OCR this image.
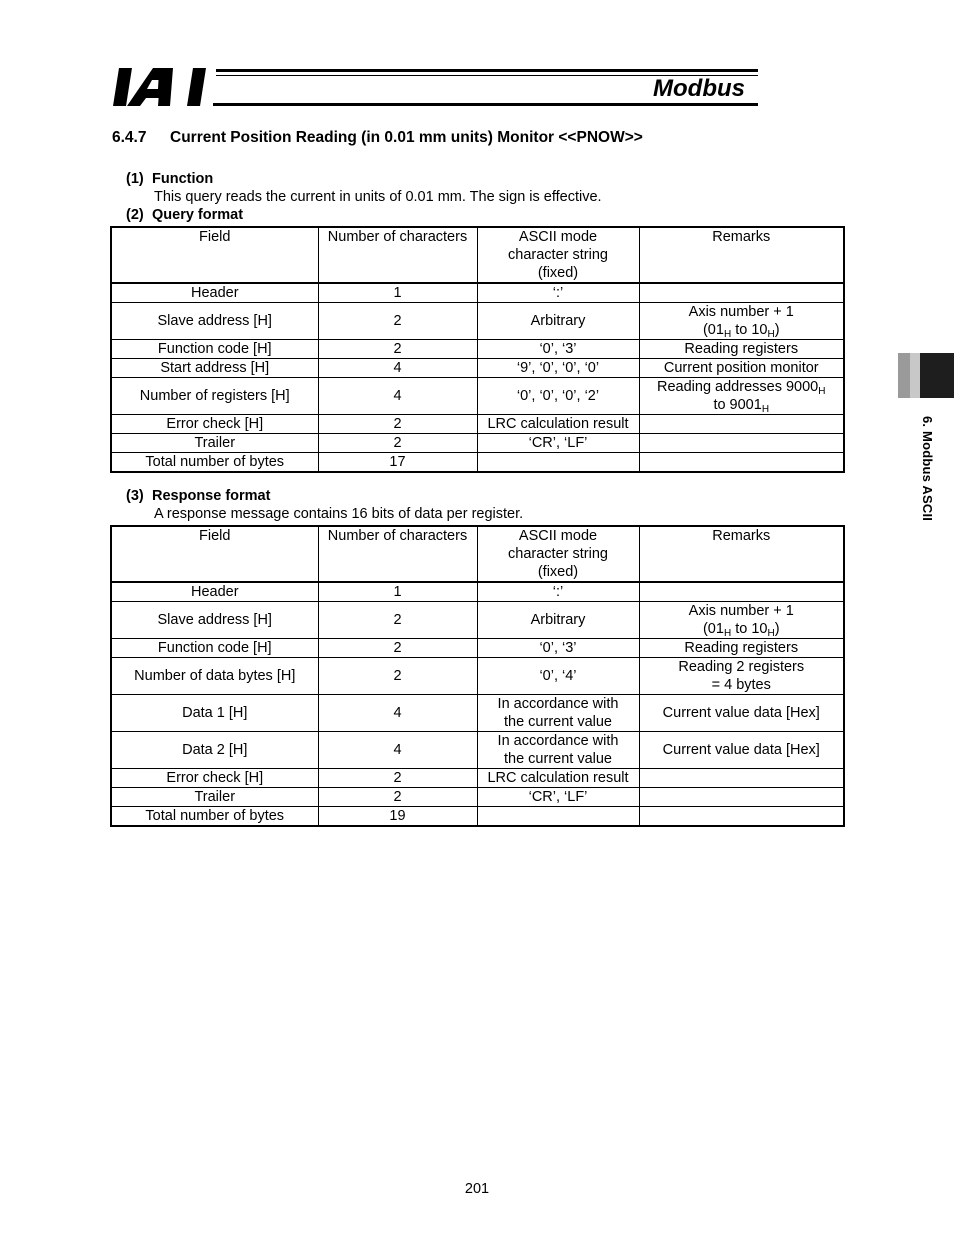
Modbus
6. Modbus ASCII
6.4.7 Current Position Reading (in 0.01 mm units) Monitor <<PNOW>>
(1) Function
This query reads the current in units of 0.01 mm. The sign is effective.
(2) Query format
Field	Number of characters	ASCII mode
character string
(fixed)	Remarks
Header	1	‘:’	
Slave address [H]	2	Arbitrary	Axis number + 1
($01_H$ to $10_H$)
Function code [H]	2	‘0’, ‘3’	Reading registers
Start address [H]	4	‘9’, ‘0’, ‘0’, ‘0’	Current position monitor
Number of registers [H]	4	‘0’, ‘0’, ‘0’, ‘2’	Reading addresses $9000_H$
to $9001_H$
Error check [H]	2	LRC calculation result	
Trailer	2	‘CR’, ‘LF’	
Total number of bytes	17		
(3) Response format
A response message contains 16 bits of data per register.
Field	Number of characters	ASCII mode
character string
(fixed)	Remarks
Header	1	‘:’	
Slave address [H]	2	Arbitrary	Axis number + 1
($01_H$ to $10_H$)
Function code [H]	2	‘0’, ‘3’	Reading registers
Number of data bytes [H]	2	‘0’, ‘4’	Reading 2 registers
= 4 bytes
Data 1 [H]	4	In accordance with
the current value	Current value data [Hex]
Data 2 [H]	4	In accordance with
the current value	Current value data [Hex]
Error check [H]	2	LRC calculation result	
Trailer	2	‘CR’, ‘LF’	
Total number of bytes	19		
201
